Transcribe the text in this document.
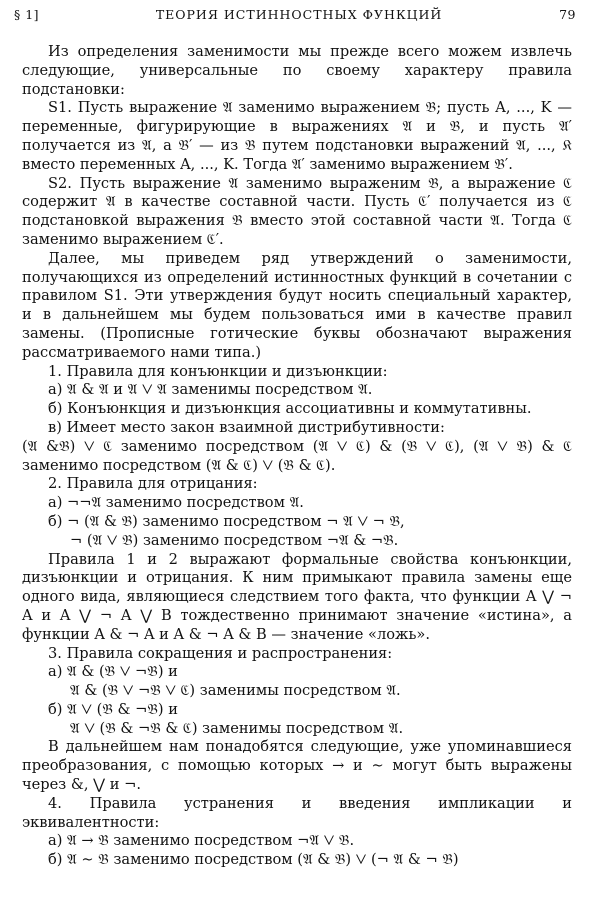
§ 1]	ТЕОРИЯ ИСТИННОСТНЫХ ФУНКЦИЙ	79

Из определения заменимости мы прежде всего можем извлечь следующие, универсальные по своему характеру правила подстановки:

S1. Пусть выражение 𝔄 заменимо выражением 𝔅; пусть A, ..., K — переменные, фигурирующие в выражениях 𝔄 и 𝔅, и пусть 𝔄′ получается из 𝔄, а 𝔅′ — из 𝔅 путем подстановки выражений 𝔄, ..., 𝔎 вместо переменных A, ..., K. Тогда 𝔄′ заменимо выражением 𝔅′.

S2. Пусть выражение 𝔄 заменимо выраженим 𝔅, а выражение ℭ содержит 𝔄 в качестве составной части. Пусть ℭ′ получается из ℭ подстановкой выражения 𝔅 вместо этой составной части 𝔄. Тогда ℭ заменимо выражением ℭ′.

Далее, мы приведем ряд утверждений о заменимости, получающихся из определений истинностных функций в сочетании с правилом S1. Эти утверждения будут носить специальный характер, и в дальнейшем мы будем пользоваться ими в качестве правил замены. (Прописные готические буквы обозначают выражения рассматриваемого нами типа.)

1. Правила для конъюнкции и дизъюнкции:

а) 𝔄 & 𝔄 и 𝔄 ⋁ 𝔄 заменимы посредством 𝔄.

б) Конъюнкция и дизъюнкция ассоциативны и коммутативны.

в) Имеет место закон взаимной дистрибутивности:

(𝔄 &𝔅) ⋁ ℭ заменимо посредством (𝔄 ⋁ ℭ) & (𝔅 ⋁ ℭ), (𝔄 ⋁ 𝔅) & ℭ заменимо посредством (𝔄 & ℭ) ⋁ (𝔅 & ℭ).

2. Правила для отрицания:

а) ¬¬𝔄 заменимо посредством 𝔄.

б) ¬ (𝔄 & 𝔅) заменимо посредством ¬ 𝔄 ⋁ ¬ 𝔅,

¬ (𝔄 ⋁ 𝔅) заменимо посредством ¬𝔄 & ¬𝔅.

Правила 1 и 2 выражают формальные свойства конъюнкции, дизъюнкции и отрицания. К ним примыкают правила замены еще одного вида, являющиеся следствием того факта, что функции A ⋁ ¬ A и A ⋁ ¬ A ⋁ B тождественно принимают значение «истина», а функции A & ¬ A и A & ¬ A & B — значение «ложь».

3. Правила сокращения и распространения:

а) 𝔄 & (𝔅 ⋁ ¬𝔅) и

𝔄 & (𝔅 ⋁ ¬𝔅 ⋁ ℭ) заменимы посредством 𝔄.

б) 𝔄 ⋁ (𝔅 & ¬𝔅) и

𝔄 ⋁ (𝔅 & ¬𝔅 & ℭ) заменимы посредством 𝔄.

В дальнейшем нам понадобятся следующие, уже упоминавшиеся преобразования, с помощью которых → и ∼ могут быть выражены через &, ⋁ и ¬.

4. Правила устранения и введения импликации и эквивалентности:

а) 𝔄 → 𝔅 заменимо посредством ¬𝔄 ⋁ 𝔅.

б) 𝔄 ∼ 𝔅 заменимо посредством (𝔄 & 𝔅) ⋁ (¬ 𝔄 & ¬ 𝔅)
